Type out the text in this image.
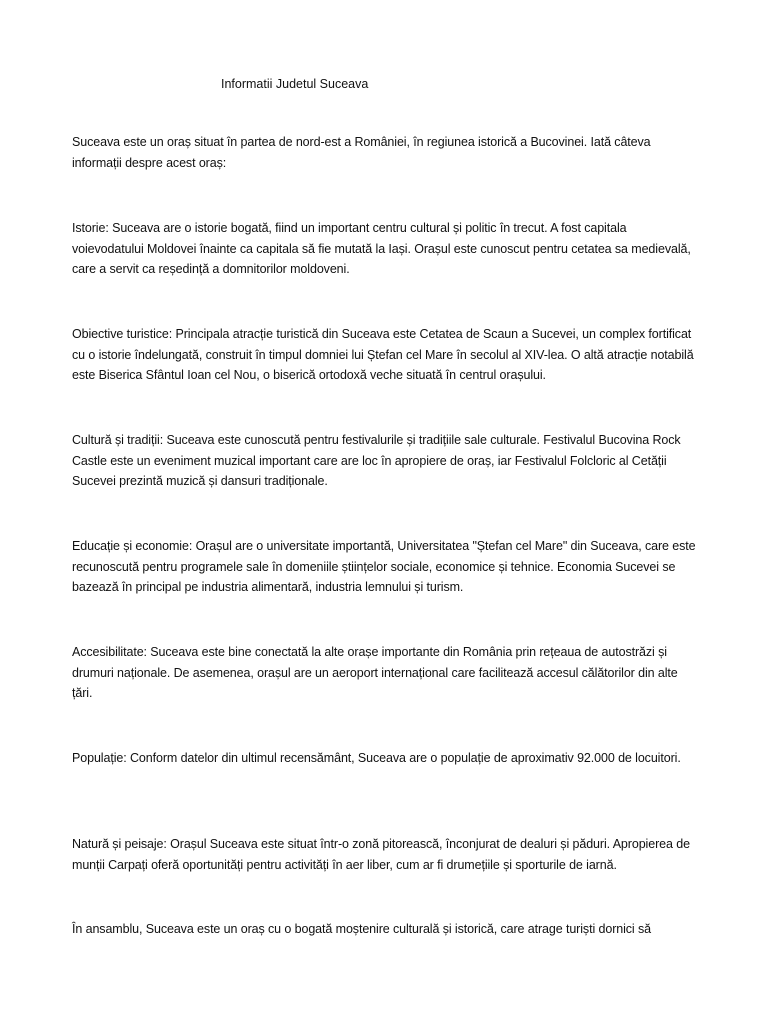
Informatii Judetul Suceava

Suceava este un oraș situat în partea de nord-est a României, în regiunea istorică a Bucovinei. Iată câteva informații despre acest oraș:

Istorie: Suceava are o istorie bogată, fiind un important centru cultural și politic în trecut. A fost capitala voievodatului Moldovei înainte ca capitala să fie mutată la Iași. Orașul este cunoscut pentru cetatea sa medievală, care a servit ca reședință a domnitorilor moldoveni.

Obiective turistice: Principala atracție turistică din Suceava este Cetatea de Scaun a Sucevei, un complex fortificat cu o istorie îndelungată, construit în timpul domniei lui Ștefan cel Mare în secolul al XIV-lea. O altă atracție notabilă este Biserica Sfântul Ioan cel Nou, o biserică ortodoxă veche situată în centrul orașului.

Cultură și tradiții: Suceava este cunoscută pentru festivalurile și tradițiile sale culturale. Festivalul Bucovina Rock Castle este un eveniment muzical important care are loc în apropiere de oraș, iar Festivalul Folcloric al Cetății Sucevei prezintă muzică și dansuri tradiționale.

Educație și economie: Orașul are o universitate importantă, Universitatea "Ștefan cel Mare" din Suceava, care este recunoscută pentru programele sale în domeniile științelor sociale, economice și tehnice. Economia Sucevei se bazează în principal pe industria alimentară, industria lemnului și turism.

Accesibilitate: Suceava este bine conectată la alte orașe importante din România prin rețeaua de autostrăzi și drumuri naționale. De asemenea, orașul are un aeroport internațional care facilitează accesul călătorilor din alte țări.

Populație: Conform datelor din ultimul recensământ, Suceava are o populație de aproximativ 92.000 de locuitori.

Natură și peisaje: Orașul Suceava este situat într-o zonă pitorească, înconjurat de dealuri și păduri. Apropierea de munții Carpați oferă oportunități pentru activități în aer liber, cum ar fi drumețiile și sporturile de iarnă.

În ansamblu, Suceava este un oraș cu o bogată moștenire culturală și istorică, care atrage turiști dornici să
